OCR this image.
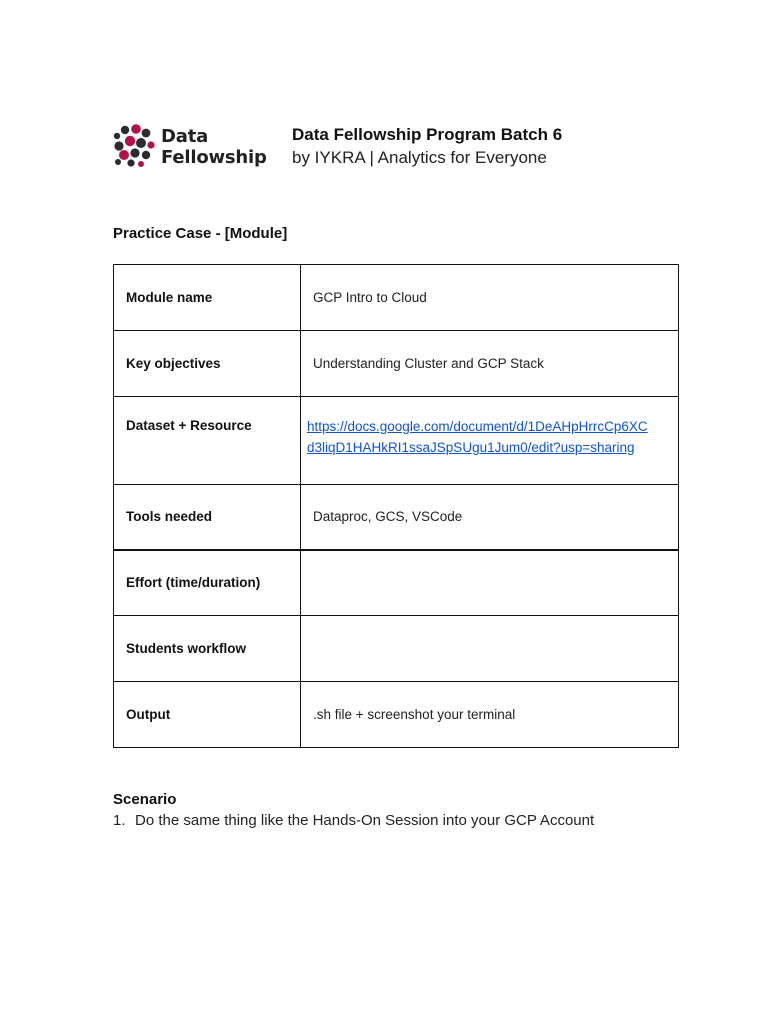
Data
Fellowship
Data Fellowship Program Batch 6
by IYKRA | Analytics for Everyone
Practice Case - [Module]
Module name	GCP Intro to Cloud
Key objectives	Understanding Cluster and GCP Stack
Dataset + Resource	https://docs.google.com/document/d/1DeAHpHrrcCp6XC
d3liqD1HAHkRI1ssaJSpSUgu1Jum0/edit?usp=sharing

Tools needed	Dataproc, GCS, VSCode
Effort (time/duration)	
Students workflow	
Output	.sh file + screenshot your terminal
Scenario
1. Do the same thing like the Hands-On Session into your GCP Account
